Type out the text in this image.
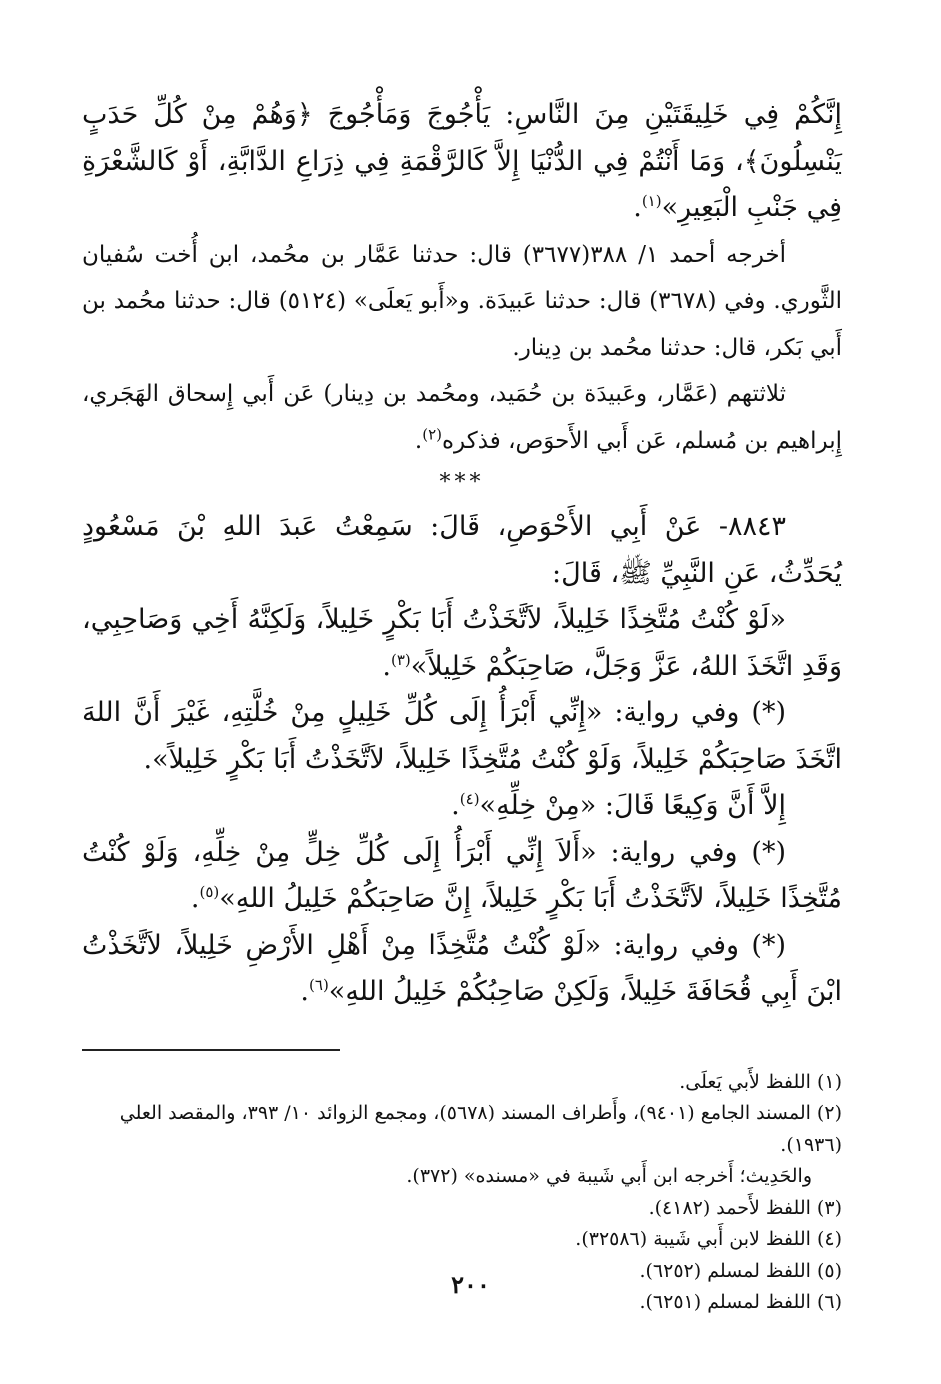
إِنَّكُمْ فِي خَلِيقَتَيْنِ مِنَ النَّاسِ: يَأْجُوجَ وَمَأْجُوجَ ﴿وَهُمْ مِنْ كُلِّ حَدَبٍ يَنْسِلُونَ﴾، وَمَا أَنْتُمْ فِي الدُّنْيَا إِلاَّ كَالرَّقْمَةِ فِي ذِرَاعِ الدَّابَّةِ، أَوْ كَالشَّعْرَةِ فِي جَنْبِ الْبَعِيرِ»$^{(١)}$.

أخرجه أحمد ١/ ٣٨٨(٣٦٧٧) قال: حدثنا عَمَّار بن محُمد، ابن أُخت سُفيان الثَّوري. وفي (٣٦٧٨) قال: حدثنا عَبيدَة. و«أَبو يَعلَى» (٥١٢٤) قال: حدثنا محُمد بن أَبي بَكر، قال: حدثنا محُمد بن دِينار.

ثلاثتهم (عَمَّار، وعَبيدَة بن حُمَيد، ومحُمد بن دِينار) عَن أَبي إِسحاق الهَجَري، إِبراهيم بن مُسلم، عَن أَبي الأَحوَص، فذكره$^{(٢)}$.

***

٨٨٤٣- عَنْ أَبِي الأَحْوَصِ، قَالَ: سَمِعْتُ عَبدَ اللهِ بْنَ مَسْعُودٍ يُحَدِّثُ، عَنِ النَّبِيِّ ﷺ، قَالَ:

«لَوْ كُنْتُ مُتَّخِذًا خَلِيلاً، لاَتَّخَذْتُ أَبَا بَكْرٍ خَلِيلاً، وَلَكِنَّهُ أَخِي وَصَاحِبِي، وَقَدِ اتَّخَذَ اللهُ، عَزَّ وَجَلَّ، صَاحِبَكُمْ خَلِيلاً»$^{(٣)}$.

(*) وفي رواية: «إِنِّي أَبْرَأُ إِلَى كُلِّ خَلِيلٍ مِنْ خُلَّتِهِ، غَيْرَ أَنَّ اللهَ اتَّخَذَ صَاحِبَكُمْ خَلِيلاً، وَلَوْ كُنْتُ مُتَّخِذًا خَلِيلاً، لاَتَّخَذْتُ أَبَا بَكْرٍ خَلِيلاً».

إِلاَّ أَنَّ وَكِيعًا قَالَ: «مِنْ خِلِّهِ»$^{(٤)}$.

(*) وفي رواية: «أَلاَ إِنِّي أَبْرَأُ إِلَى كُلِّ خِلٍّ مِنْ خِلِّهِ، وَلَوْ كُنْتُ مُتَّخِذًا خَلِيلاً، لاَتَّخَذْتُ أَبَا بَكْرٍ خَلِيلاً، إِنَّ صَاحِبَكُمْ خَلِيلُ اللهِ»$^{(٥)}$.

(*) وفي رواية: «لَوْ كُنْتُ مُتَّخِذًا مِنْ أَهْلِ الأَرْضِ خَلِيلاً، لاَتَّخَذْتُ ابْنَ أَبِي قُحَافَةَ خَلِيلاً، وَلَكِنْ صَاحِبُكُمْ خَلِيلُ اللهِ»$^{(٦)}$.

(١) اللفظ لأَبي يَعلَى.

(٢) المسند الجامع (٩٤٠١)، وأَطراف المسند (٥٦٧٨)، ومجمع الزوائد ١٠/ ٣٩٣، والمقصد العلي (١٩٣٦).

والحَدِيث؛ أَخرجه ابن أَبي شَيبة في «مسنده» (٣٧٢).

(٣) اللفظ لأَحمد (٤١٨٢).

(٤) اللفظ لابن أَبي شَيبة (٣٢٥٨٦).

(٥) اللفظ لمسلم (٦٢٥٢).

(٦) اللفظ لمسلم (٦٢٥١).

٢٠٠
